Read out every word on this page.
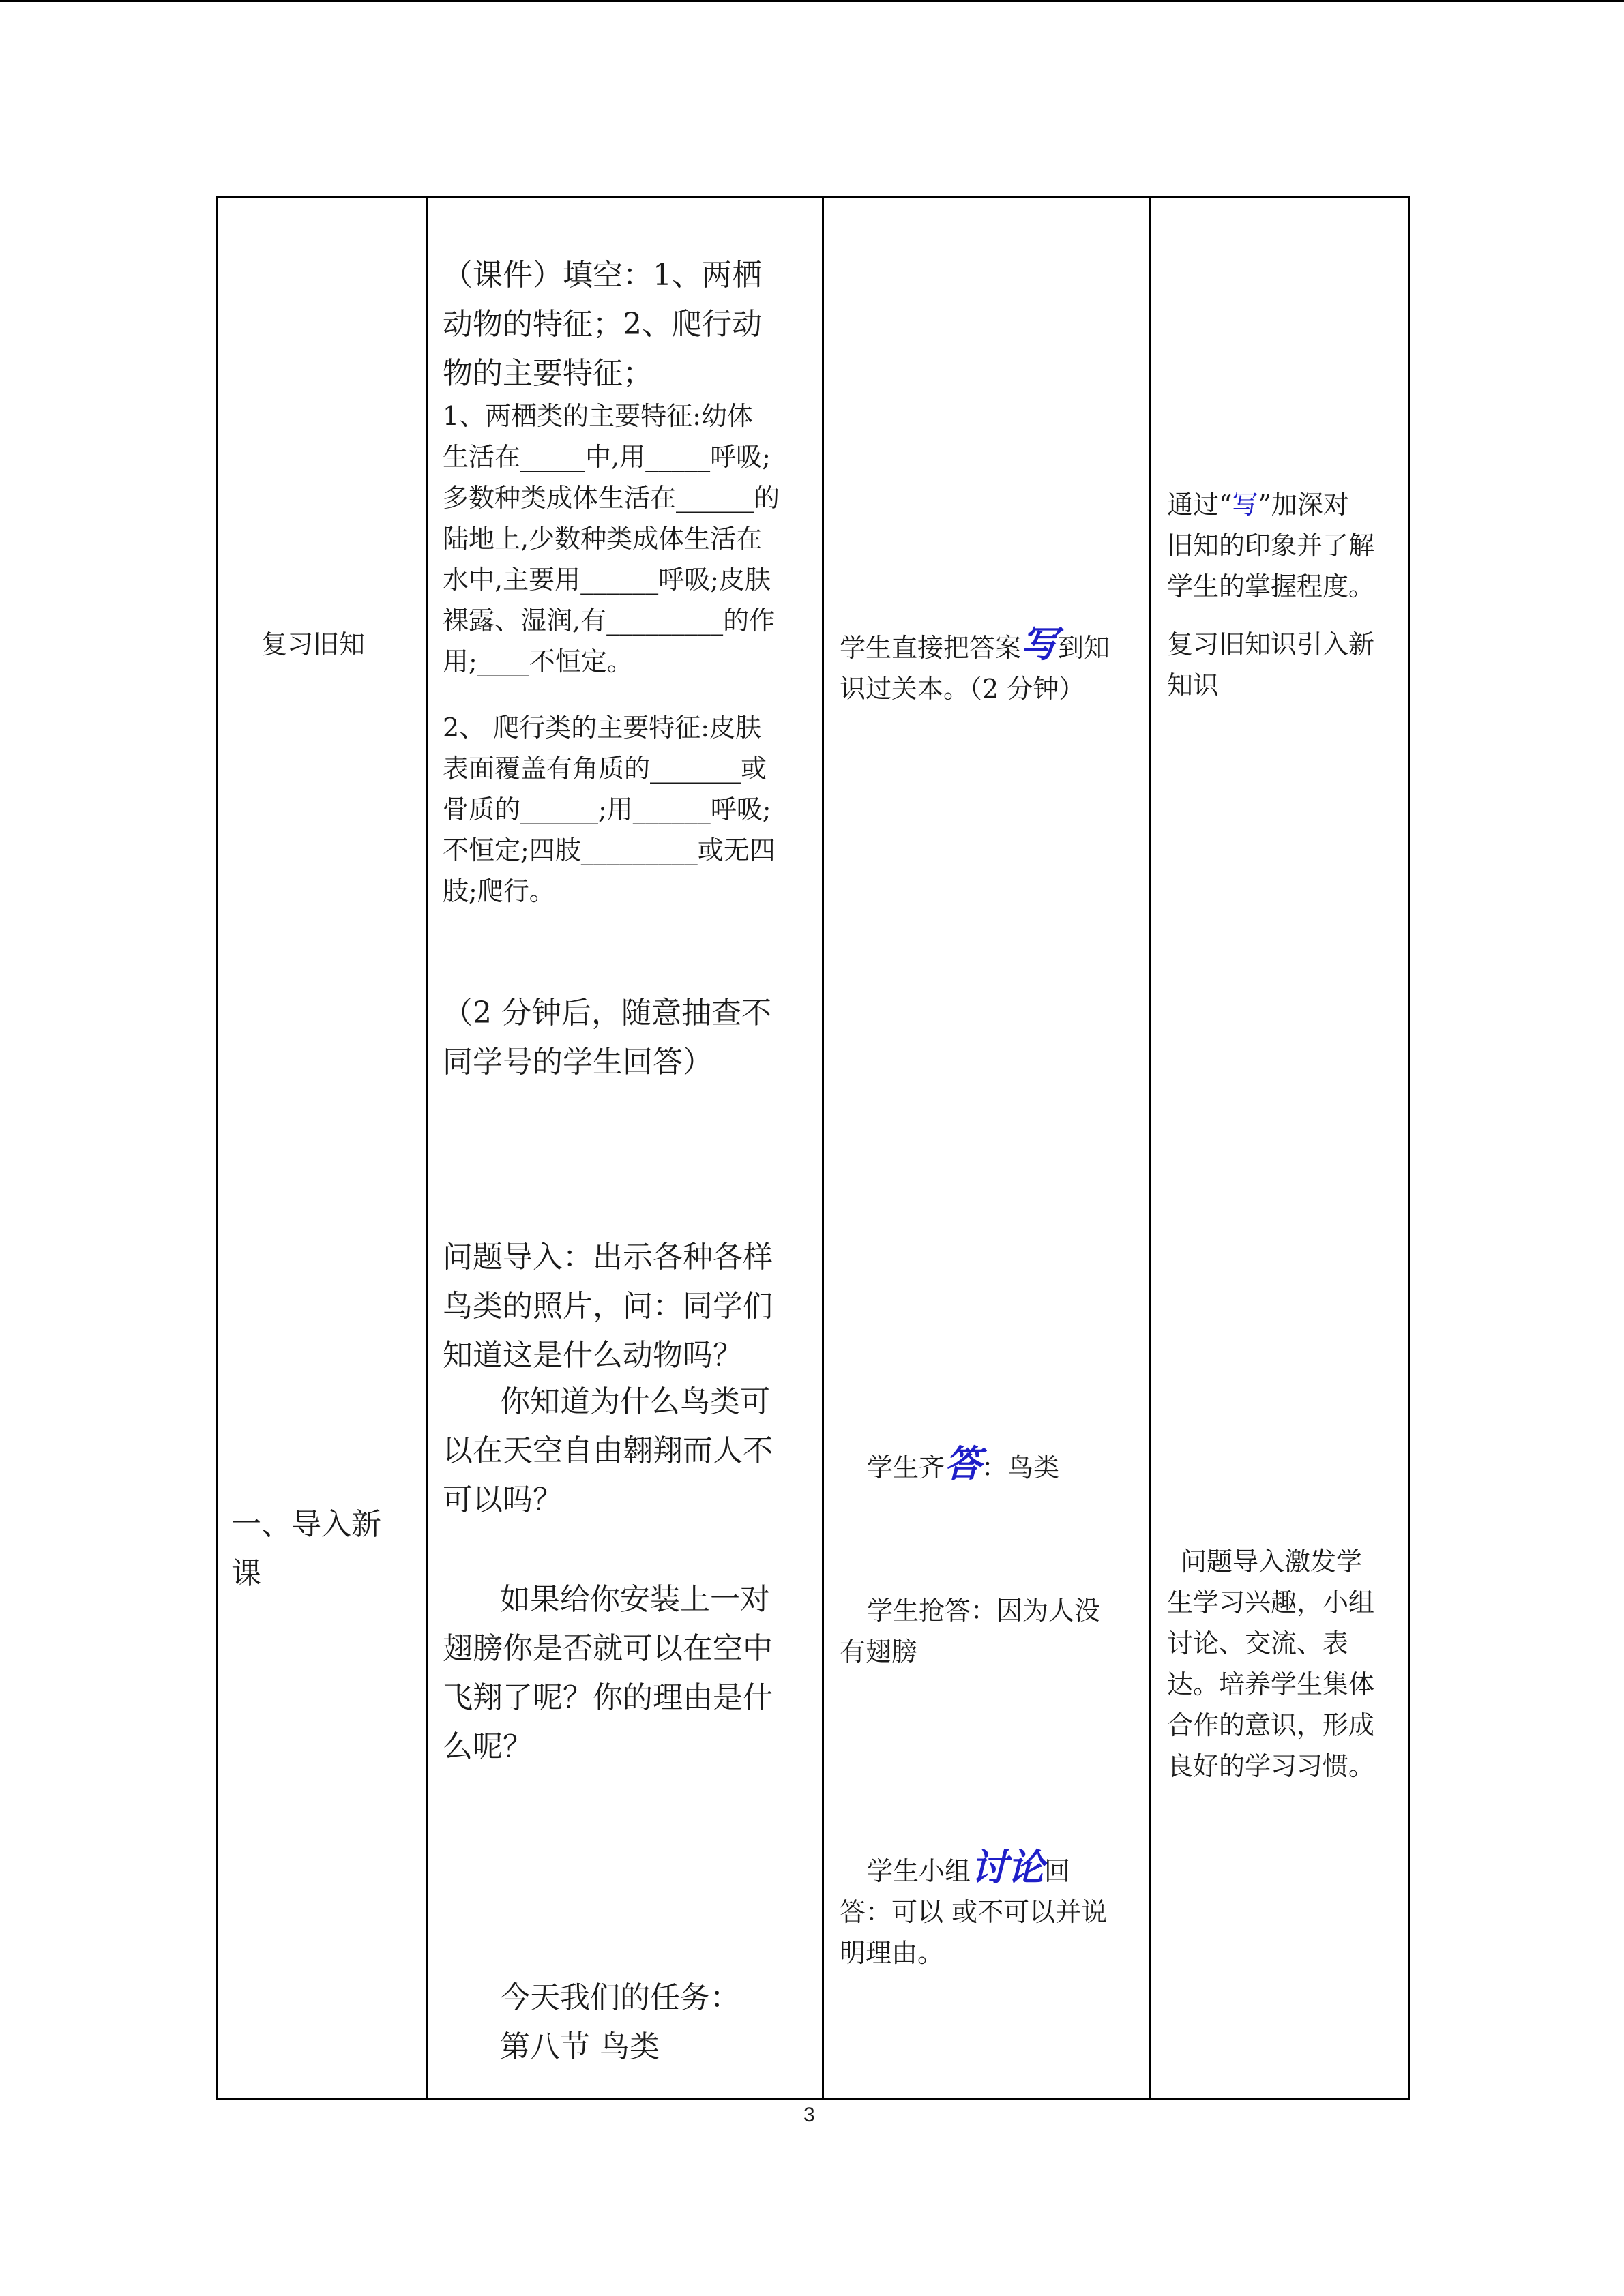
复习旧知
一、导入新
课
（课件）填空：1、两栖
动物的特征；2、爬行动
物的主要特征；
1、两栖类的主要特征:幼体
生活在_____中,用_____呼吸;
多数种类成体生活在______的
陆地上,少数种类成体生活在
水中,主要用______呼吸;皮肤
裸露、湿润,有_________的作
用;____不恒定。
2、 爬行类的主要特征:皮肤
表面覆盖有角质的_______或
骨质的______;用______呼吸;
不恒定;四肢_________或无四
肢;爬行。
（2 分钟后，随意抽查不
同学号的学生回答）
问题导入：出示各种各样
鸟类的照片，问：同学们
知道这是什么动物吗？
你知道为什么鸟类可
以在天空自由翱翔而人不
可以吗？
如果给你安装上一对
翅膀你是否就可以在空中
飞翔了呢？你的理由是什
么呢？
今天我们的任务：
第八节 鸟类
学生直接把答案写到知
识过关本。（2 分钟）
学生齐答：鸟类
学生抢答：因为人没
有翅膀
学生小组讨论回
答：可以 或不可以并说
明理由。
通过“写”加深对
旧知的印象并了解
学生的掌握程度。
复习旧知识引入新
知识
问题导入激发学
生学习兴趣，小组
讨论、交流、表
达。培养学生集体
合作的意识，形成
良好的学习习惯。
3
